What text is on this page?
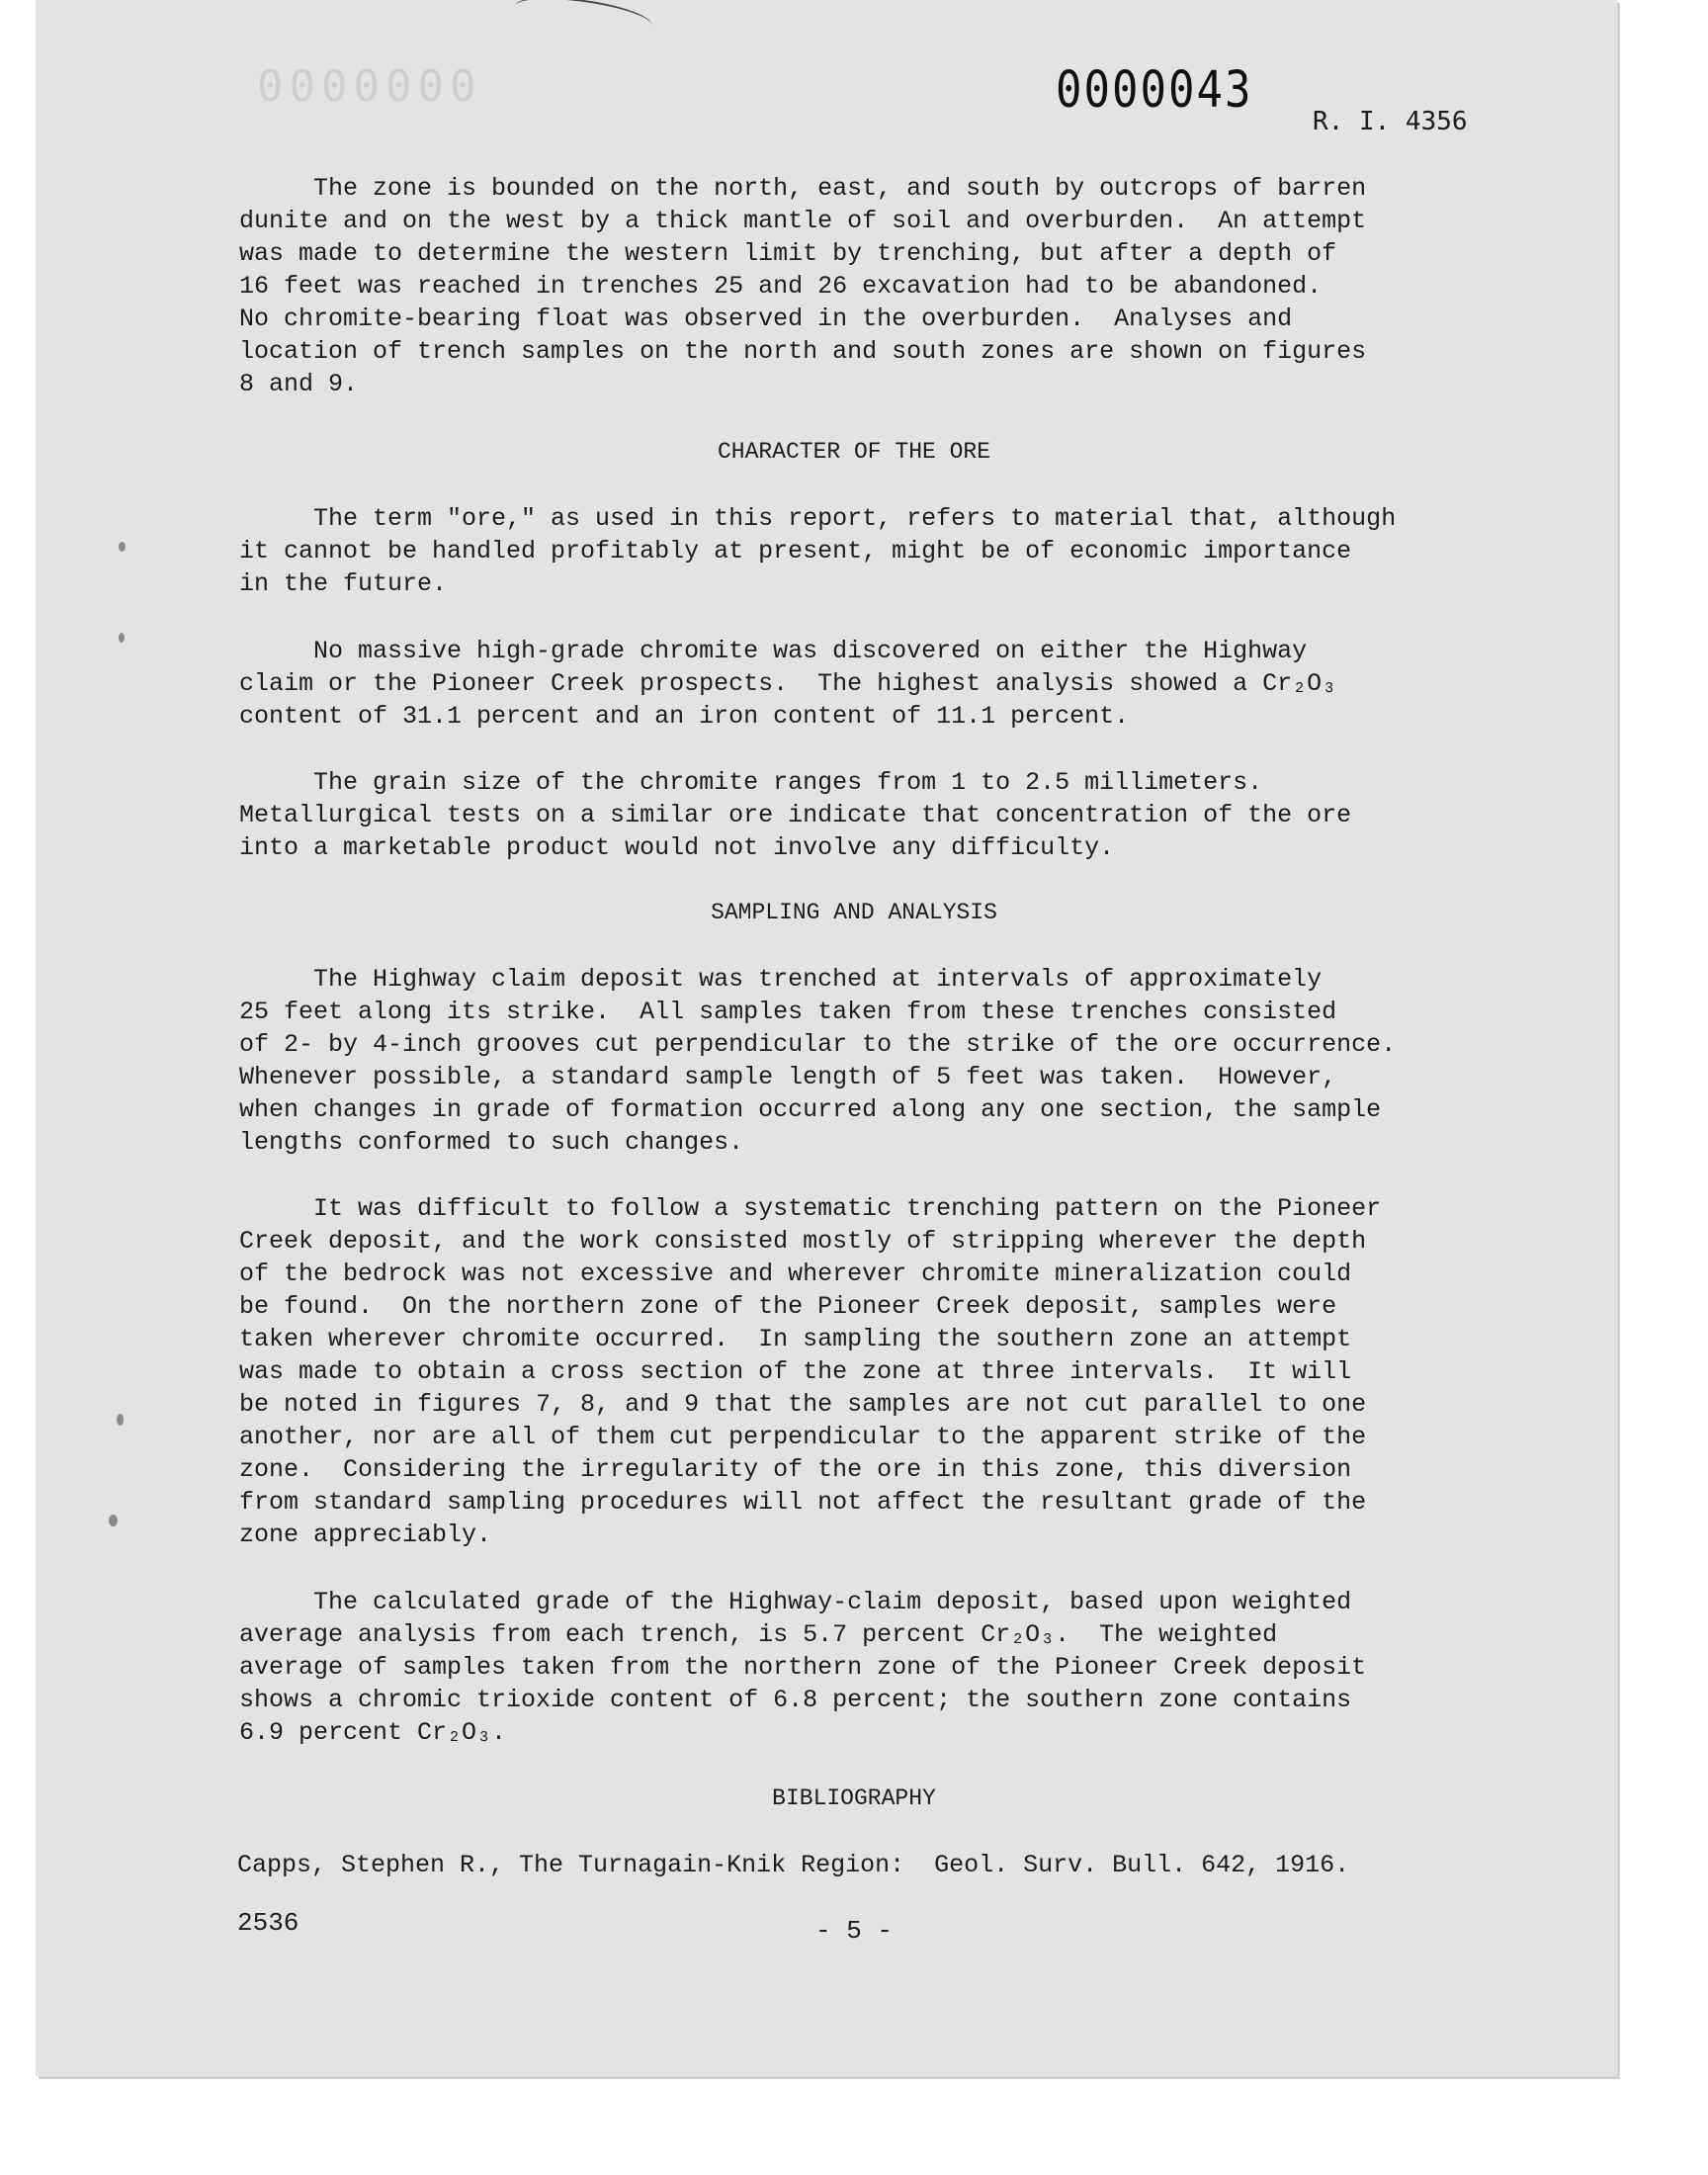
0000000	0000043
R. I. 4356
The zone is bounded on the north, east, and south by outcrops of barren
dunite and on the west by a thick mantle of soil and overburden.  An attempt
was made to determine the western limit by trenching, but after a depth of
16 feet was reached in trenches 25 and 26 excavation had to be abandoned.
No chromite-bearing float was observed in the overburden.  Analyses and
location of trench samples on the north and south zones are shown on figures
8 and 9.
CHARACTER OF THE ORE
The term "ore," as used in this report, refers to material that, although
it cannot be handled profitably at present, might be of economic importance
in the future.
No massive high-grade chromite was discovered on either the Highway
claim or the Pioneer Creek prospects.  The highest analysis showed a Cr₂O₃
content of 31.1 percent and an iron content of 11.1 percent.
The grain size of the chromite ranges from 1 to 2.5 millimeters.
Metallurgical tests on a similar ore indicate that concentration of the ore
into a marketable product would not involve any difficulty.
SAMPLING AND ANALYSIS
The Highway claim deposit was trenched at intervals of approximately
25 feet along its strike.  All samples taken from these trenches consisted
of 2- by 4-inch grooves cut perpendicular to the strike of the ore occurrence.
Whenever possible, a standard sample length of 5 feet was taken.  However,
when changes in grade of formation occurred along any one section, the sample
lengths conformed to such changes.
It was difficult to follow a systematic trenching pattern on the Pioneer
Creek deposit, and the work consisted mostly of stripping wherever the depth
of the bedrock was not excessive and wherever chromite mineralization could
be found.  On the northern zone of the Pioneer Creek deposit, samples were
taken wherever chromite occurred.  In sampling the southern zone an attempt
was made to obtain a cross section of the zone at three intervals.  It will
be noted in figures 7, 8, and 9 that the samples are not cut parallel to one
another, nor are all of them cut perpendicular to the apparent strike of the
zone.  Considering the irregularity of the ore in this zone, this diversion
from standard sampling procedures will not affect the resultant grade of the
zone appreciably.
The calculated grade of the Highway-claim deposit, based upon weighted
average analysis from each trench, is 5.7 percent Cr₂O₃.  The weighted
average of samples taken from the northern zone of the Pioneer Creek deposit
shows a chromic trioxide content of 6.8 percent; the southern zone contains
6.9 percent Cr₂O₃.
BIBLIOGRAPHY
Capps, Stephen R., The Turnagain-Knik Region:  Geol. Surv. Bull. 642, 1916.
2536	- 5 -
